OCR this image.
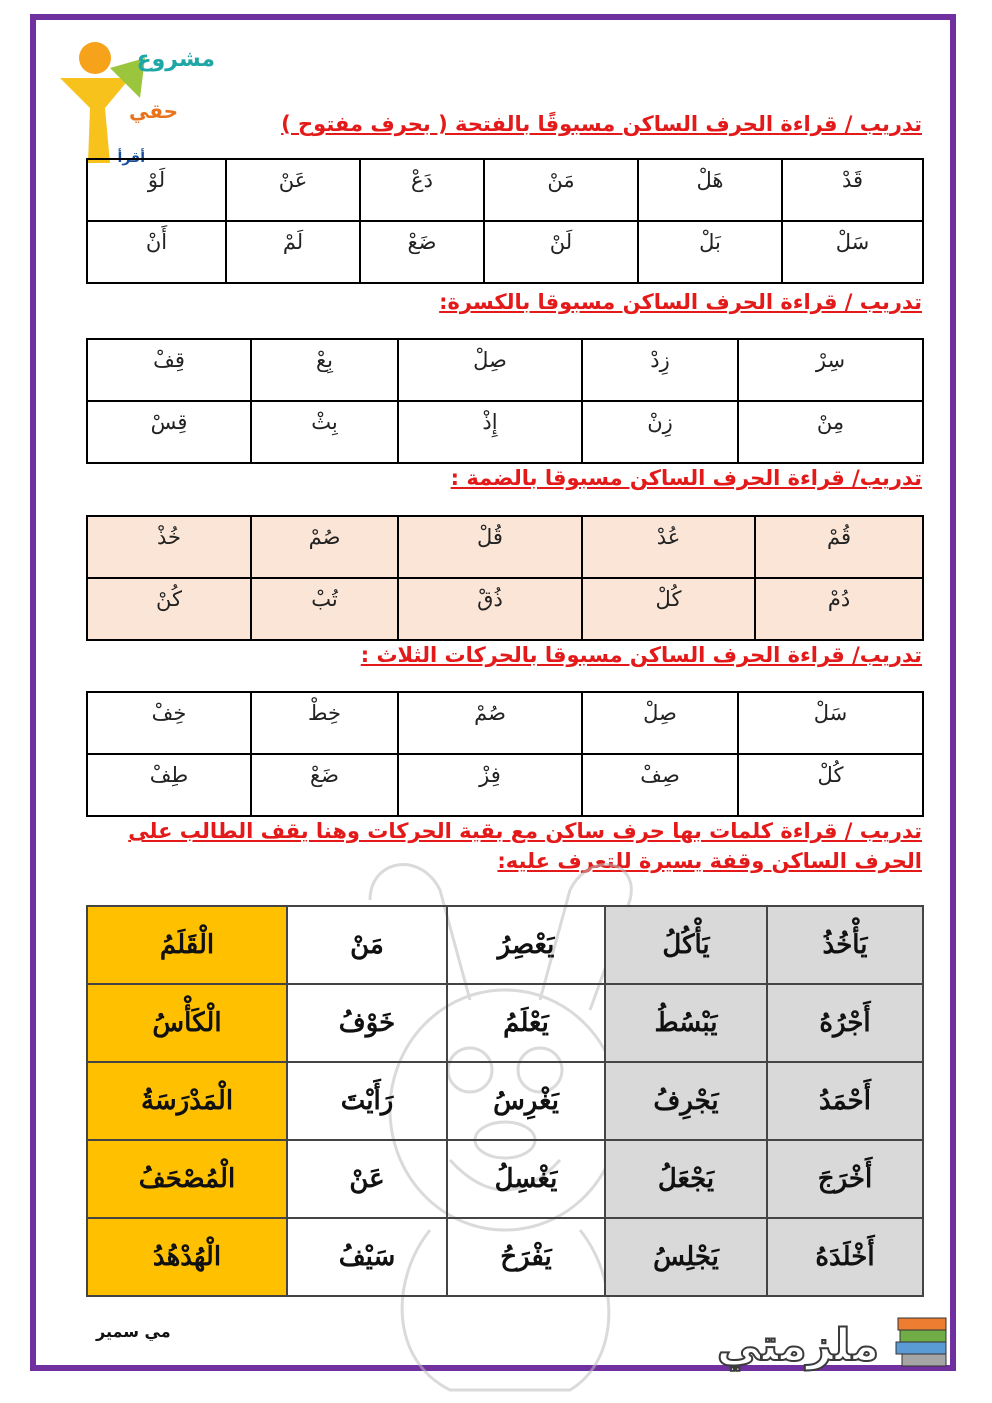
مشروع
حقي
أقرأ
تدريب / قراءة الحرف الساكن مسبوقًا بالفتحة ( بحرف مفتوح )
قَدْ	هَلْ	مَنْ	دَعْ	عَنْ	لَوْ
سَلْ	بَلْ	لَنْ	ضَعْ	لَمْ	أَنْ
تدريب / قراءة الحرف الساكن مسبوقا بالكسرة:
سِرْ	زِدْ	صِلْ	بِعْ	قِفْ
مِنْ	زِنْ	إِذْ	بِثْ	قِسْ
تدريب/ قراءة الحرف الساكن مسبوقا بالضمة :
قُمْ	عُدْ	قُلْ	صُمْ	خُذْ
دُمْ	كُلْ	ذُقْ	تُبْ	كُنْ
تدريب/ قراءة الحرف الساكن مسبوقا بالحركات الثلاث :
سَلْ	صِلْ	صُمْ	خِطْ	خِفْ
كُلْ	صِفْ	فِزْ	ضَعْ	طِفْ
تدريب / قراءة كلمات بها حرف ساكن مع بقية الحركات وهنا يقف الطالب على الحرف الساكن وقفة يسيرة للتعرف عليه:
يَأْخُذُ	يَأْكُلُ	يَعْصِرُ	مَنْ	الْقَلَمُ
أَجْرُهُ	يَبْسُطُ	يَعْلَمُ	خَوْفُ	الْكَأْسُ
أَحْمَدُ	يَجْرِفُ	يَغْرِسُ	رَأَيْتَ	الْمَدْرَسَةُ
أَخْرَجَ	يَجْعَلُ	يَغْسِلُ	عَنْ	الْمُصْحَفُ
أَخْلَدَهُ	يَجْلِسُ	يَفْرَحُ	سَيْفُ	الْهُدْهُدُ
مي سمير	ملزمتي
